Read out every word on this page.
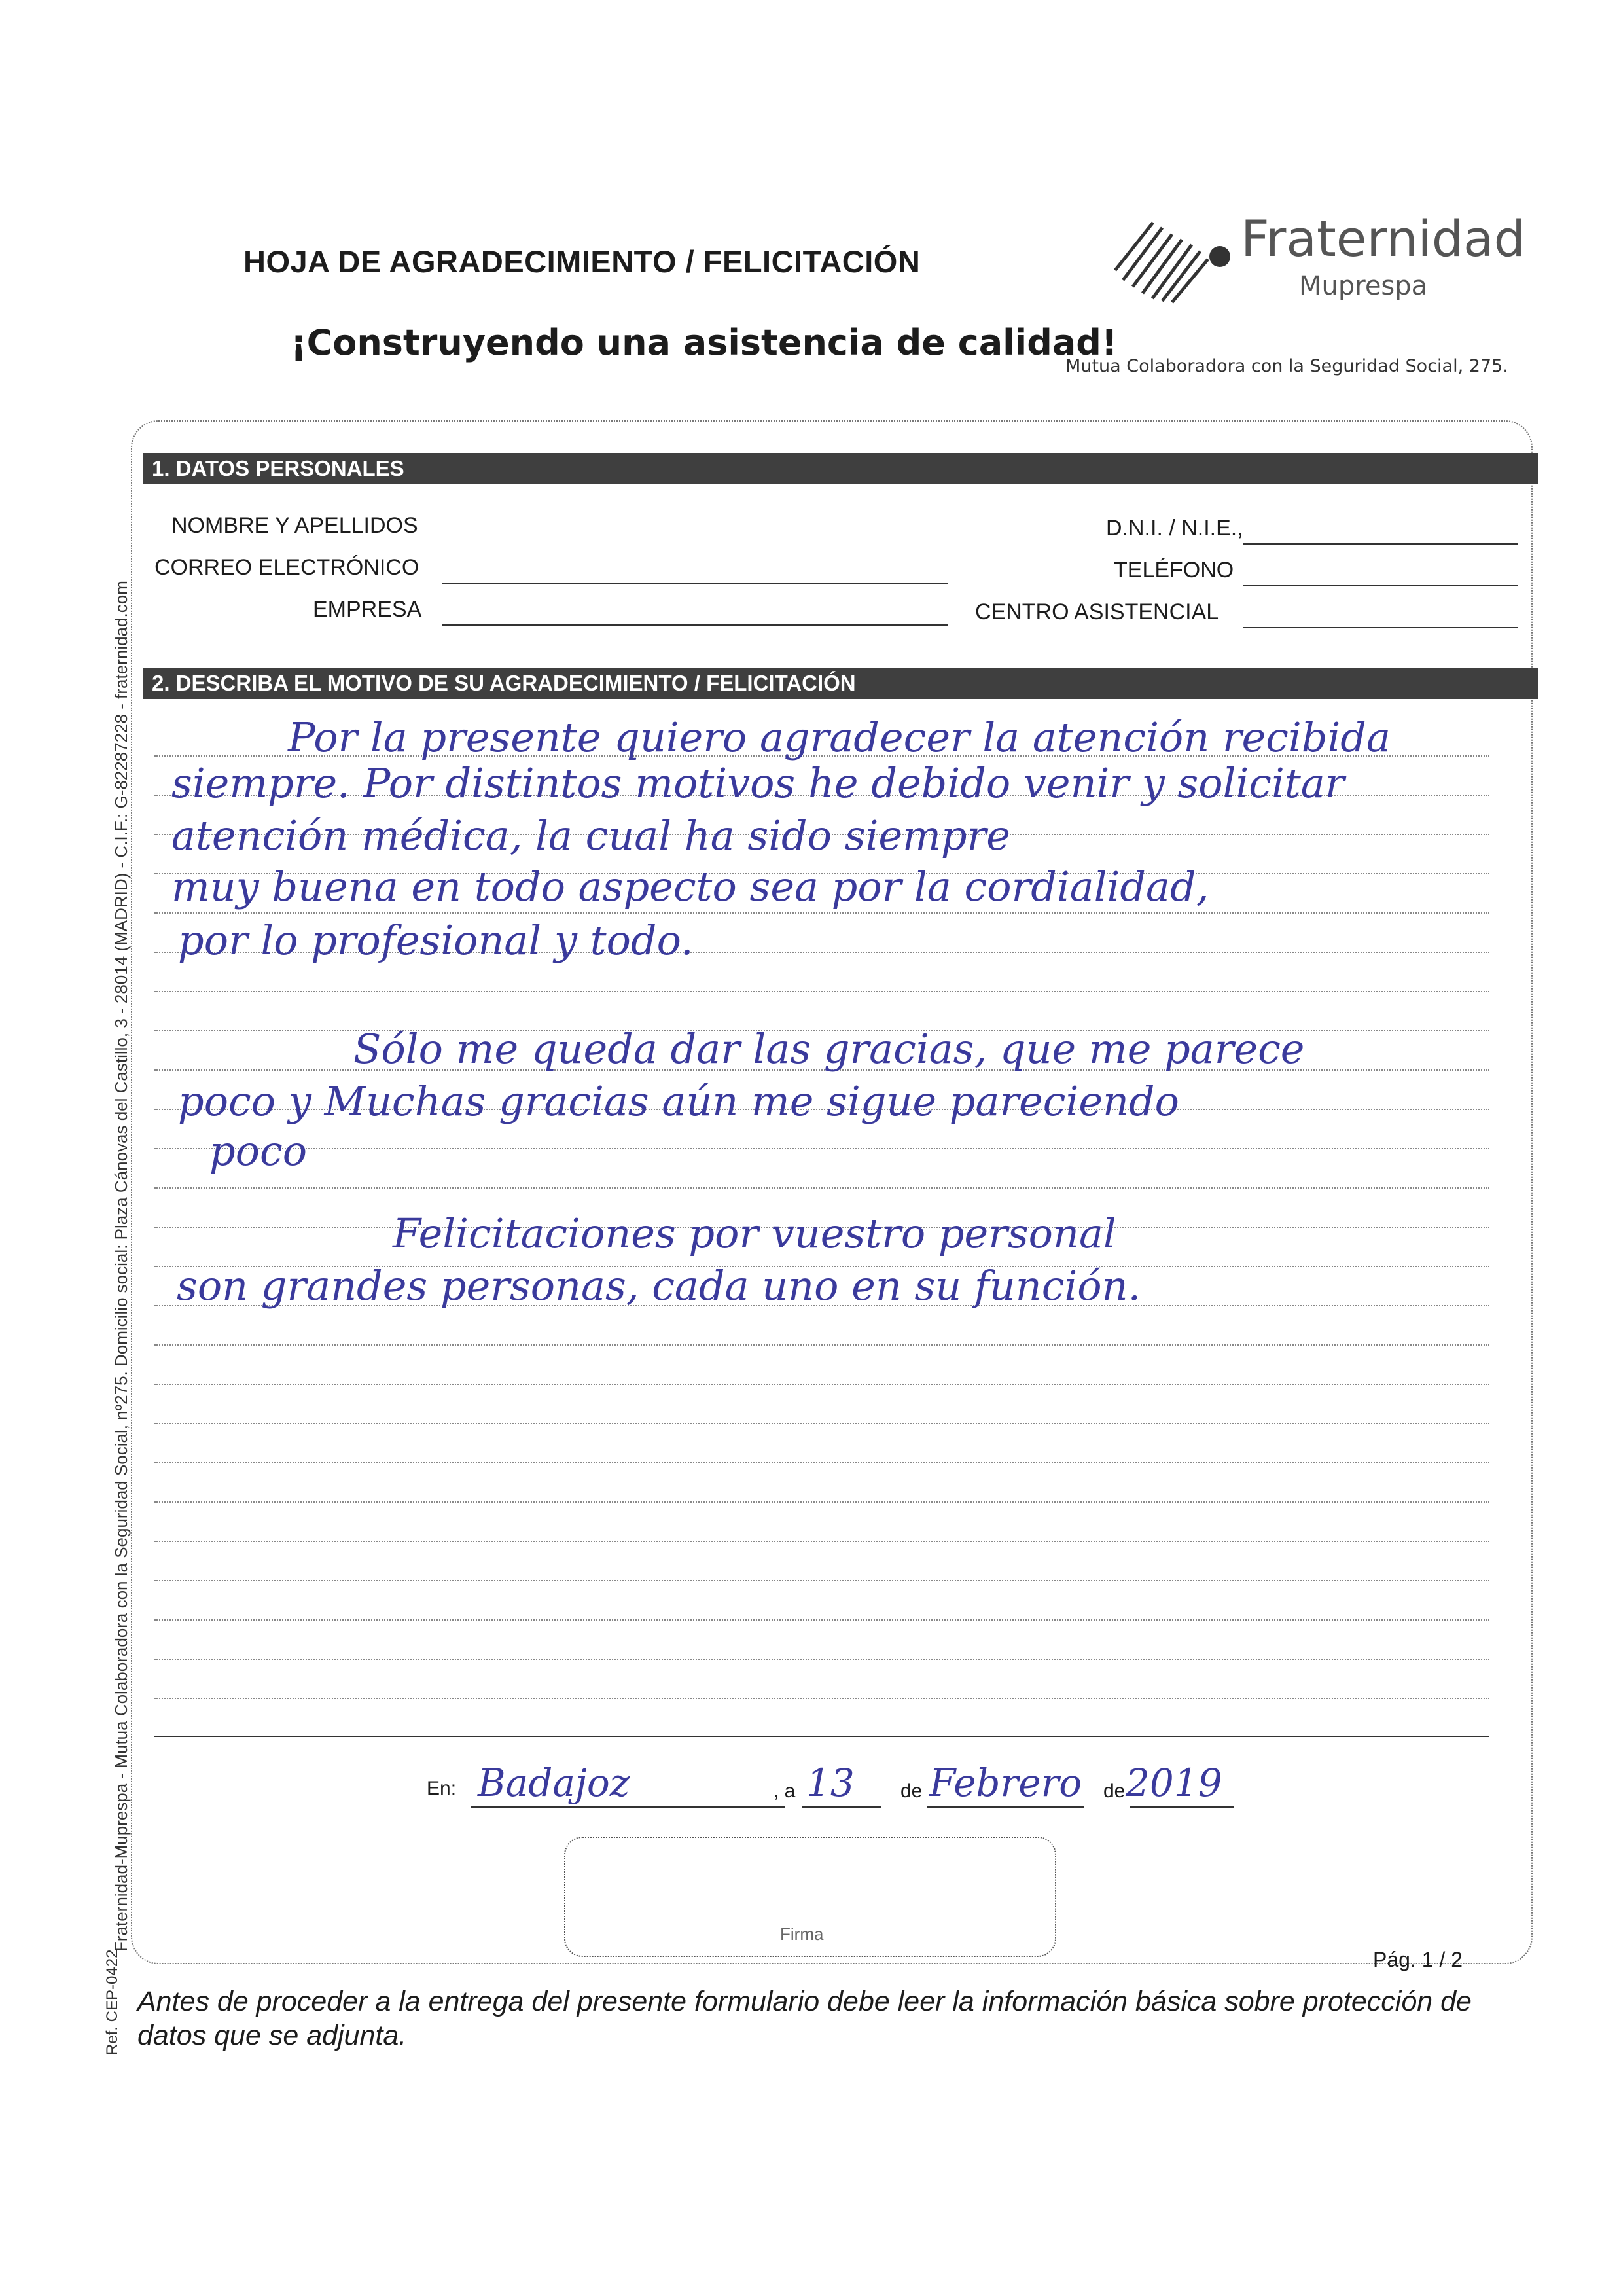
HOJA DE AGRADECIMIENTO / FELICITACIÓN
¡Construyendo una asistencia de calidad!
Fraternidad
Muprespa
Mutua Colaboradora con la Seguridad Social, 275.
1. DATOS PERSONALES
NOMBRE Y APELLIDOS
CORREO ELECTRÓNICO
EMPRESA
D.N.I. / N.I.E.,
TELÉFONO
CENTRO ASISTENCIAL
2. DESCRIBA EL MOTIVO DE SU AGRADECIMIENTO / FELICITACIÓN
Por la presente quiero agradecer la atención recibida
siempre. Por distintos motivos he debido venir y solicitar
atención médica, la cual ha sido siempre
muy buena en todo aspecto sea por la cordialidad,
por lo profesional y todo.
Sólo me queda dar las gracias, que me parece
poco y Muchas gracias aún me sigue pareciendo
poco
Felicitaciones por vuestro personal
son grandes personas, cada uno en su función.
En: Badajoz	, a 13 de Febrero de 2019
Firma
Pág. 1 / 2
Antes de proceder a la entrega del presente formulario debe leer la información básica sobre protección de datos que se adjunta.
Fraternidad-Muprespa - Mutua Colaboradora con la Seguridad Social, nº275. Domicilio social: Plaza Cánovas del Castillo, 3 - 28014 (MADRID) - C.I.F.: G-82287228 - fraternidad.com
Ref. CEP-0422
